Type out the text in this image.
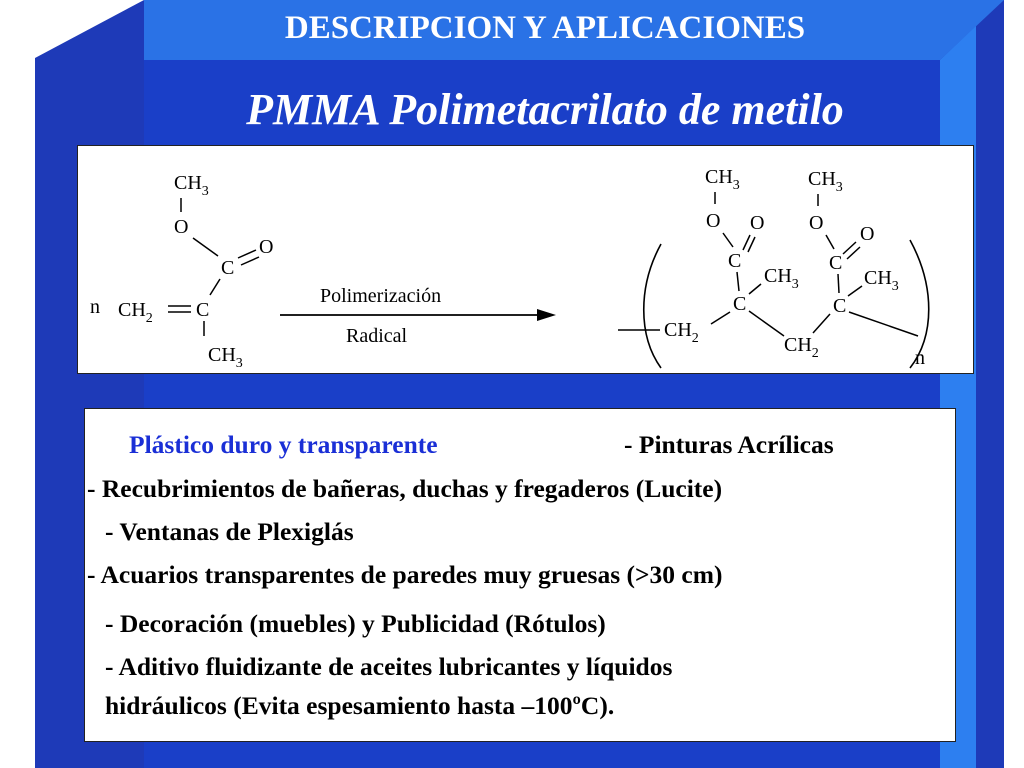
DESCRIPCION Y APLICACIONES
PMMA Polimetacrilato de metilo
n
$CH_3$
O
C
O
$CH_2$ C
$CH_3$
Polimerización
Radical	$CH_2$
C
$CH_3$
O O
C
$CH_3$
$CH_2$
C
$CH_3$
O O
C
$CH_3$
n
Plástico duro y transparente	- Pinturas Acrílicas
- Recubrimientos de bañeras, duchas y fregaderos (Lucite)
- Ventanas de Plexiglás
- Acuarios transparentes de paredes muy gruesas (>30 cm)
- Decoración (muebles) y Publicidad (Rótulos)
- Aditivo fluidizante de aceites lubricantes y líquidos
hidráulicos (Evita espesamiento hasta –100ºC).
